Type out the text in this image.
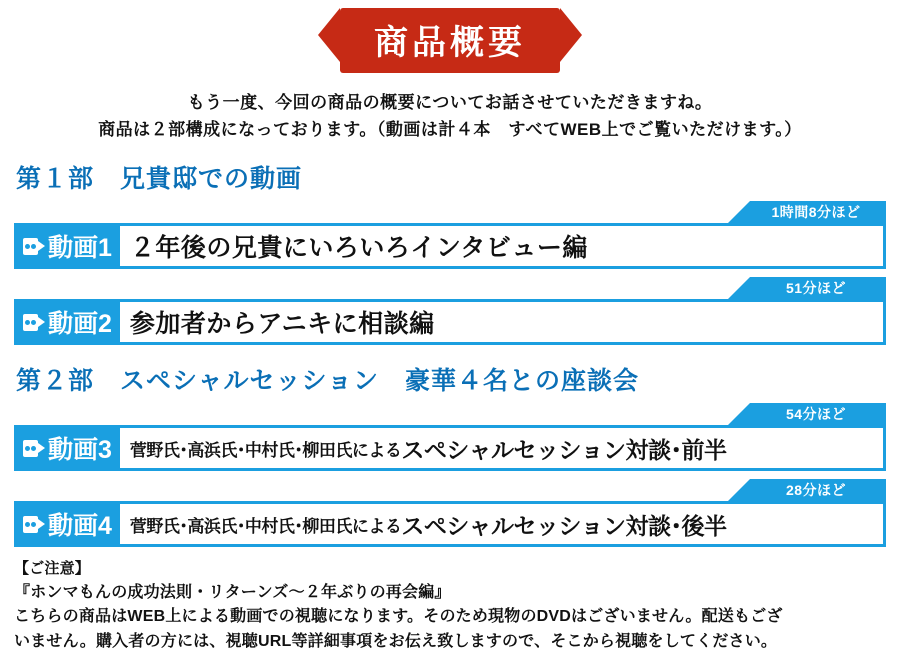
商品概要
もう一度、今回の商品の概要についてお話させていただきますね。
商品は２部構成になっております。（動画は計４本　すべてWEB上でご覧いただけます。）
第１部　兄貴邸での動画
1時間8分ほど
動画1 ２年後の兄貴にいろいろインタビュー編
51分ほど
動画2 参加者からアニキに相談編
第２部　スペシャルセッション　豪華４名との座談会
54分ほど
動画3 菅野氏･高浜氏･中村氏･柳田氏による スペシャルセッション対談･前半
28分ほど
動画4 菅野氏･高浜氏･中村氏･柳田氏による スペシャルセッション対談･後半
【ご注意】
『ホンマもんの成功法則・リターンズ～２年ぶりの再会編』
こちらの商品はWEB上による動画での視聴になります。そのため現物のDVDはございません。配送もござ
いません。購入者の方には、視聴URL等詳細事項をお伝え致しますので、そこから視聴をしてください。
